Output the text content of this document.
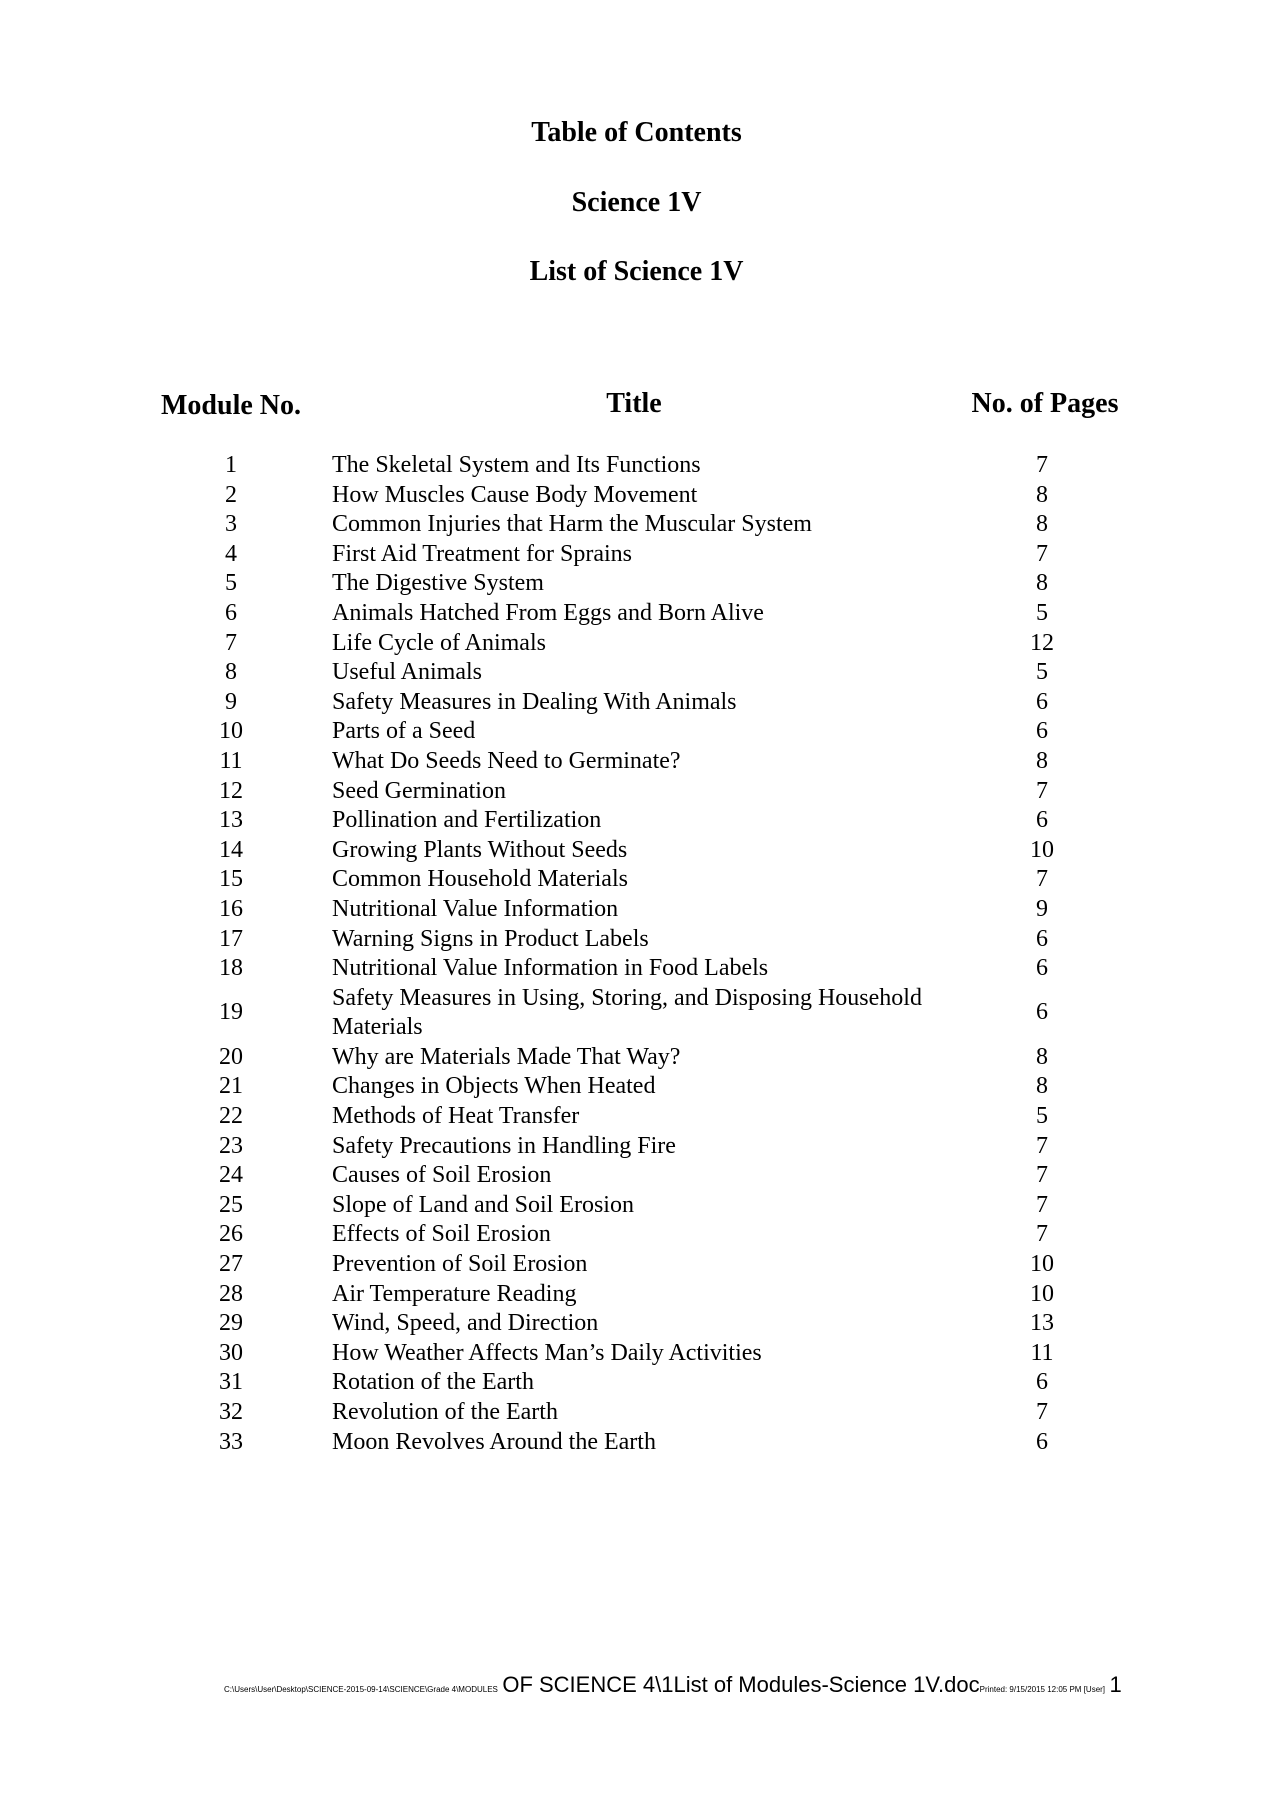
Table of Contents
Science 1V
List of Science 1V
Module No.	Title	No. of Pages
1	The Skeletal System and Its Functions	7

2	How Muscles Cause Body Movement	8

3	Common Injuries that Harm the Muscular System	8

4	First Aid Treatment for Sprains	7

5	The Digestive System	8

6	Animals Hatched From Eggs and Born Alive	5

7	Life Cycle of Animals	12

8	Useful Animals	5

9	Safety Measures in Dealing With Animals	6

10	Parts of a Seed	6

11	What Do Seeds Need to Germinate?	8

12	Seed Germination	7

13	Pollination and Fertilization	6

14	Growing Plants Without Seeds	10

15	Common Household Materials	7

16	Nutritional Value Information	9

17	Warning Signs in Product Labels	6

18	Nutritional Value Information in Food Labels	6

19	Safety Measures in Using, Storing, and Disposing Household Materials	6

20	Why are Materials Made That Way?	8

21	Changes in Objects When Heated	8

22	Methods of Heat Transfer	5

23	Safety Precautions in Handling Fire	7

24	Causes of Soil Erosion	7

25	Slope of Land and Soil Erosion	7

26	Effects of Soil Erosion	7

27	Prevention of Soil Erosion	10

28	Air Temperature Reading	10

29	Wind, Speed, and Direction	13

30	How Weather Affects Man’s Daily Activities	11

31	Rotation of the Earth	6

32	Revolution of the Earth	7

33	Moon Revolves Around the Earth	6
C:\Users\User\Desktop\SCIENCE-2015-09-14\SCIENCE\Grade 4\MODULES OF SCIENCE 4\1List of Modules-Science 1V.docPrinted: 9/15/2015 12:05 PM [User] 1
